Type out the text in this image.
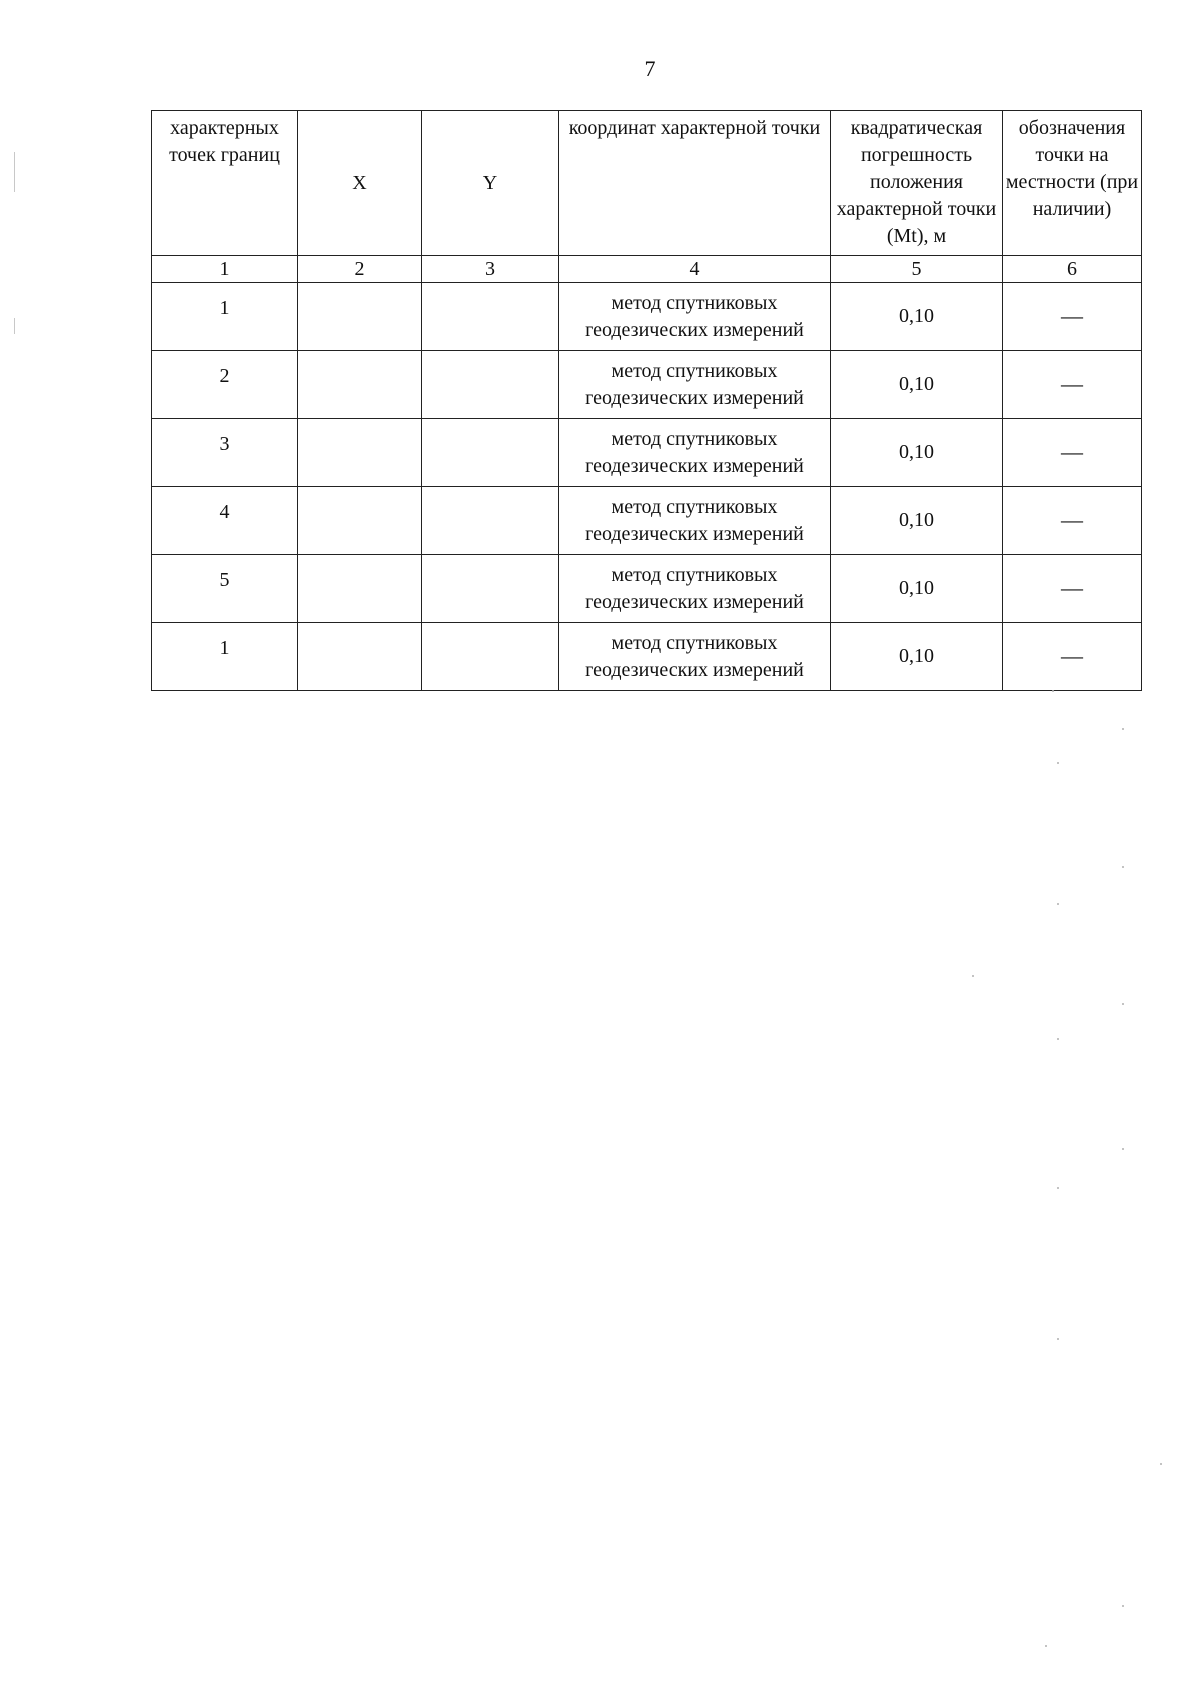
7
характерных точек границ	X	Y	координат характерной точки	квадратическая погрешность положения характерной точки (Mt), м	обозначения точки на местности (при наличии)
1	2	3	4	5	6
1			метод спутниковых геодезических измерений	0,10	—
2			метод спутниковых геодезических измерений	0,10	—
3			метод спутниковых геодезических измерений	0,10	—
4			метод спутниковых геодезических измерений	0,10	—
5			метод спутниковых геодезических измерений	0,10	—
1			метод спутниковых геодезических измерений	0,10	—
